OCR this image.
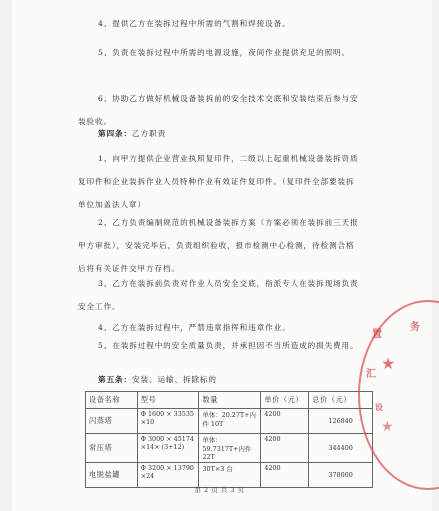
4、提供乙方在装拆过程中所需的气割和焊接设备。

5、负责在装拆过程中所需的电源设施，夜间作业提供充足的照明。

6、协助乙方做好机械设备装拆前的安全技术交底和安装结束后参与安装验收。

第四条：乙方职责

1、向甲方提供企业营业执照复印件，二级以上起重机械设备装拆资质复印件和企业装拆作业人员特种作业有效证件复印件。（复印件全部要装拆单位加盖法人章）

2、乙方负责编制规范的机械设备装拆方案（方案必须在装拆前三天报甲方审批），安装完毕后，负责组织验收，报市检测中心检测，待检测合格后将有关证件交甲方存档。

3、乙方在装拆前负责对作业人员安全交底，指派专人在装拆现场负责安全工作。

4、乙方在装拆过程中，严禁违章指挥和违章作业。

5、在装拆过程中的安全质量负责，并承担因不当所造成的损失费用。

第五条：安装、运输、拆除标的
设备名称	型号	数量	单价（元）	总价（元）
闪蒸塔	Φ 1600 × 33535 ×10	单体：20.27T+内件 10T	4200	126840
常压塔	Φ 3000 × 45174 ×14× (3+12)	单体：59.7317T+内件 22T	4200	344400
电脱盐罐	Φ 3200 × 13790 ×24	30T×3 台	4200	378000
第 2 页 共 3 页
★
★
置
务
汇
设
